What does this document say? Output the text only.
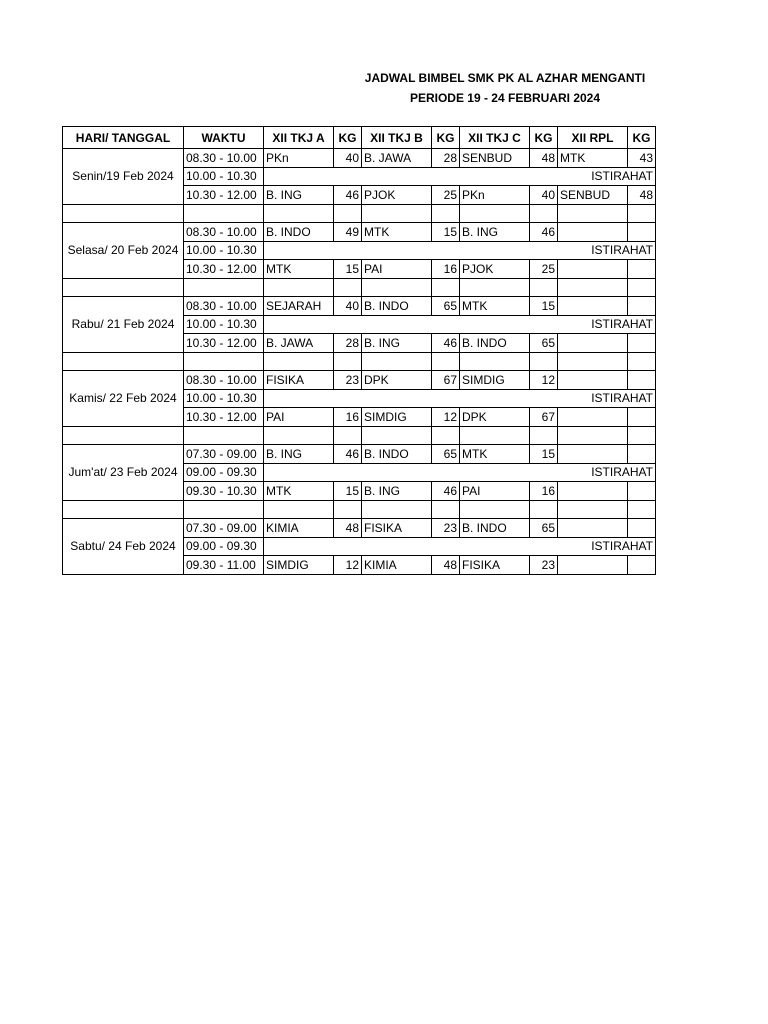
JADWAL BIMBEL SMK PK AL AZHAR MENGANTI
PERIODE 19 - 24 FEBRUARI 2024
HARI/ TANGGAL	WAKTU	XII TKJ A	KG	XII TKJ B	KG	XII TKJ C	KG	XII RPL	KG
Senin/19 Feb 2024	08.30 - 10.00	PKn	40	B. JAWA	28	SENBUD	48	MTK	43
	10.00 - 10.30	ISTIRAHAT							
	10.30 - 12.00	B. ING	46	PJOK	25	PKn	40	SENBUD	48

Selasa/ 20 Feb 2024	08.30 - 10.00	B. INDO	49	MTK	15	B. ING	46		
	10.00 - 10.30	ISTIRAHAT							
	10.30 - 12.00	MTK	15	PAI	16	PJOK	25		

Rabu/ 21 Feb 2024	08.30 - 10.00	SEJARAH	40	B. INDO	65	MTK	15		
	10.00 - 10.30	ISTIRAHAT							
	10.30 - 12.00	B. JAWA	28	B. ING	46	B. INDO	65		

Kamis/ 22 Feb 2024	08.30 - 10.00	FISIKA	23	DPK	67	SIMDIG	12		
	10.00 - 10.30	ISTIRAHAT							
	10.30 - 12.00	PAI	16	SIMDIG	12	DPK	67		

Jum'at/ 23 Feb 2024	07.30 - 09.00	B. ING	46	B. INDO	65	MTK	15		
	09.00 - 09.30	ISTIRAHAT							
	09.30 - 10.30	MTK	15	B. ING	46	PAI	16		

Sabtu/ 24 Feb 2024	07.30 - 09.00	KIMIA	48	FISIKA	23	B. INDO	65		
	09.00 - 09.30	ISTIRAHAT							
	09.30 - 11.00	SIMDIG	12	KIMIA	48	FISIKA	23		
